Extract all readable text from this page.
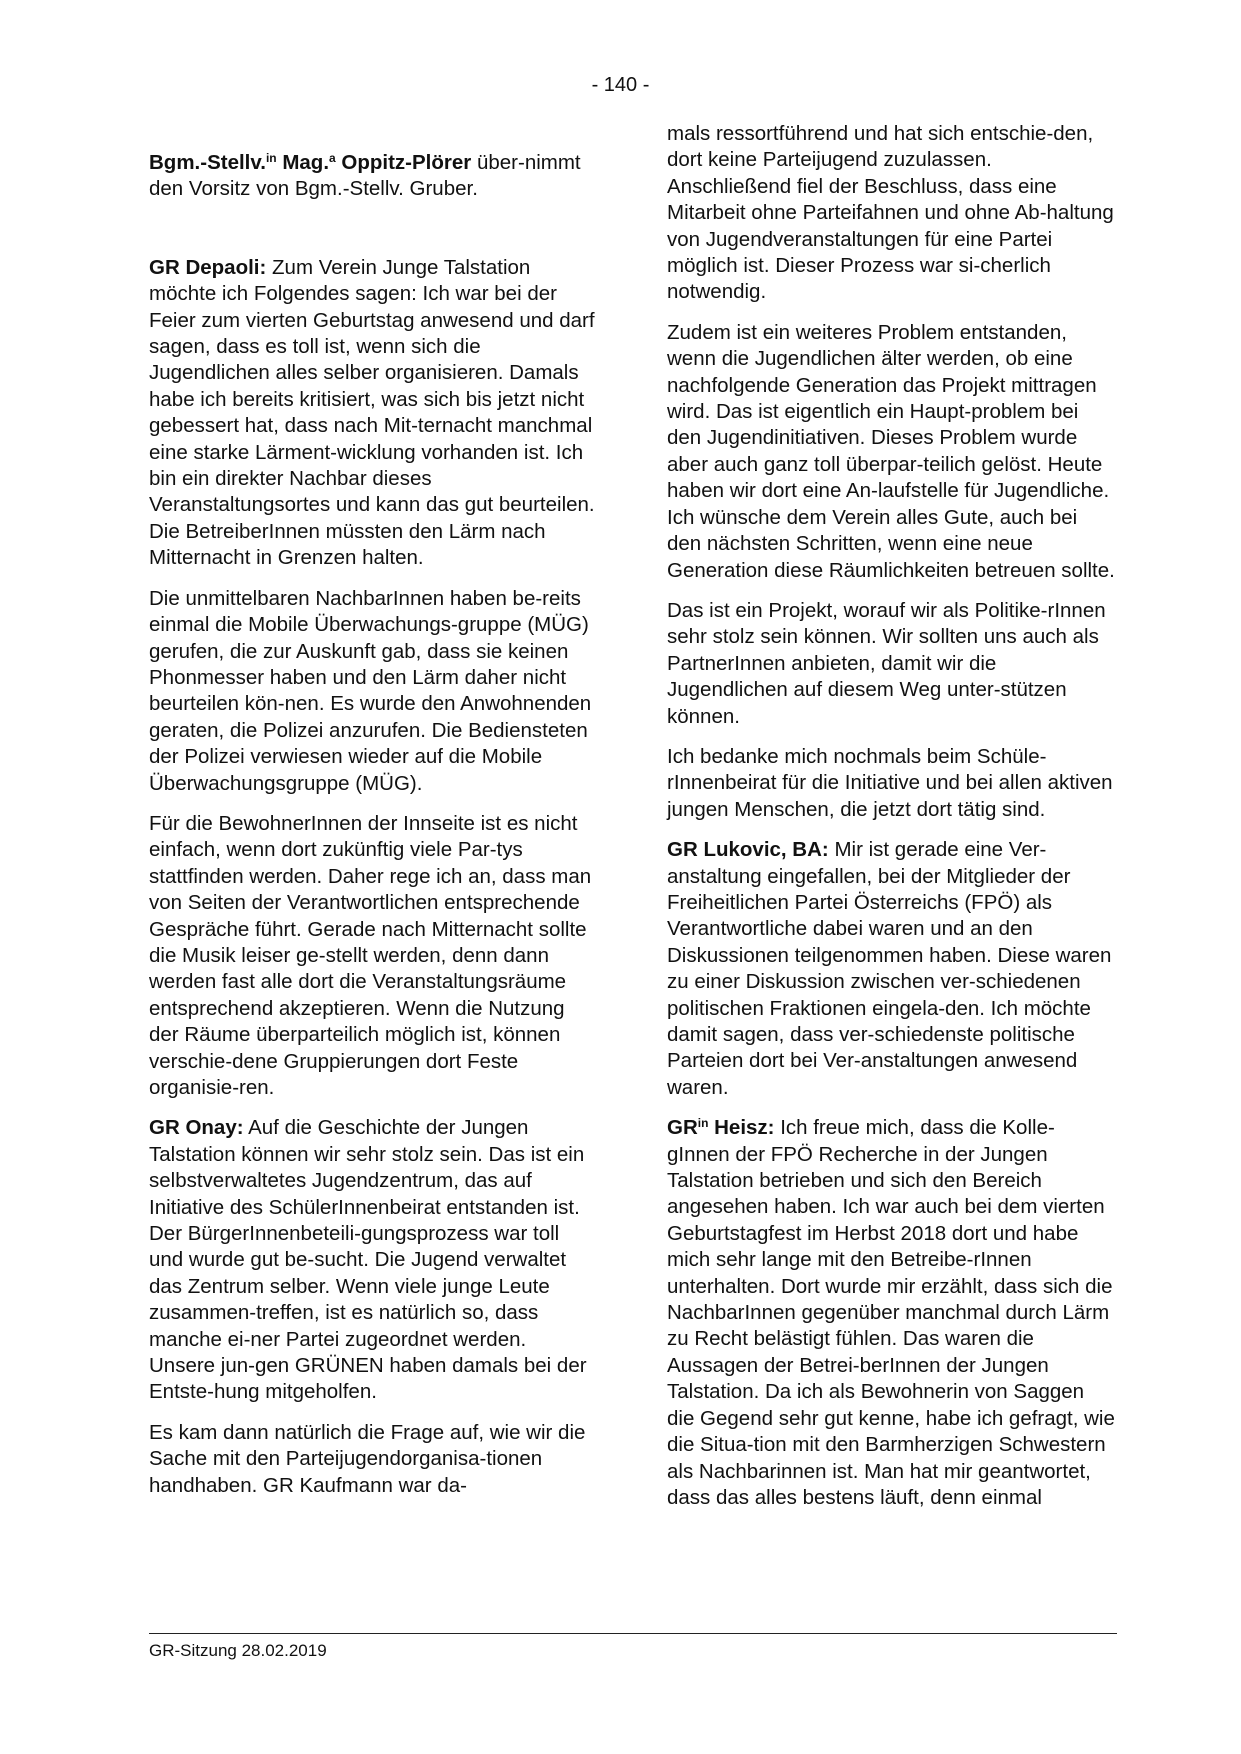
- 140 -

Bgm.-Stellv.$^{in}$ Mag.$^a$ Oppitz-Plörer über-nimmt den Vorsitz von Bgm.-Stellv. Gruber.

GR Depaoli: Zum Verein Junge Talstation möchte ich Folgendes sagen: Ich war bei der Feier zum vierten Geburtstag anwesend und darf sagen, dass es toll ist, wenn sich die Jugendlichen alles selber organisieren. Damals habe ich bereits kritisiert, was sich bis jetzt nicht gebessert hat, dass nach Mit-ternacht manchmal eine starke Lärment-wicklung vorhanden ist. Ich bin ein direkter Nachbar dieses Veranstaltungsortes und kann das gut beurteilen. Die BetreiberInnen müssten den Lärm nach Mitternacht in Grenzen halten.

Die unmittelbaren NachbarInnen haben be-reits einmal die Mobile Überwachungs-gruppe (MÜG) gerufen, die zur Auskunft gab, dass sie keinen Phonmesser haben und den Lärm daher nicht beurteilen kön-nen. Es wurde den Anwohnenden geraten, die Polizei anzurufen. Die Bediensteten der Polizei verwiesen wieder auf die Mobile Überwachungsgruppe (MÜG).

Für die BewohnerInnen der Innseite ist es nicht einfach, wenn dort zukünftig viele Par-tys stattfinden werden. Daher rege ich an, dass man von Seiten der Verantwortlichen entsprechende Gespräche führt. Gerade nach Mitternacht sollte die Musik leiser ge-stellt werden, denn dann werden fast alle dort die Veranstaltungsräume entsprechend akzeptieren. Wenn die Nutzung der Räume überparteilich möglich ist, können verschie-dene Gruppierungen dort Feste organisie-ren.

GR Onay: Auf die Geschichte der Jungen Talstation können wir sehr stolz sein. Das ist ein selbstverwaltetes Jugendzentrum, das auf Initiative des SchülerInnenbeirat entstanden ist. Der BürgerInnenbeteili-gungsprozess war toll und wurde gut be-sucht. Die Jugend verwaltet das Zentrum selber. Wenn viele junge Leute zusammen-treffen, ist es natürlich so, dass manche ei-ner Partei zugeordnet werden. Unsere jun-gen GRÜNEN haben damals bei der Entste-hung mitgeholfen.

Es kam dann natürlich die Frage auf, wie wir die Sache mit den Parteijugendorganisa-tionen handhaben. GR Kaufmann war da-

mals ressortführend und hat sich entschie-den, dort keine Parteijugend zuzulassen. Anschließend fiel der Beschluss, dass eine Mitarbeit ohne Parteifahnen und ohne Ab-haltung von Jugendveranstaltungen für eine Partei möglich ist. Dieser Prozess war si-cherlich notwendig.

Zudem ist ein weiteres Problem entstanden, wenn die Jugendlichen älter werden, ob eine nachfolgende Generation das Projekt mittragen wird. Das ist eigentlich ein Haupt-problem bei den Jugendinitiativen. Dieses Problem wurde aber auch ganz toll überpar-teilich gelöst. Heute haben wir dort eine An-laufstelle für Jugendliche. Ich wünsche dem Verein alles Gute, auch bei den nächsten Schritten, wenn eine neue Generation diese Räumlichkeiten betreuen sollte.

Das ist ein Projekt, worauf wir als Politike-rInnen sehr stolz sein können. Wir sollten uns auch als PartnerInnen anbieten, damit wir die Jugendlichen auf diesem Weg unter-stützen können.

Ich bedanke mich nochmals beim Schüle-rInnenbeirat für die Initiative und bei allen aktiven jungen Menschen, die jetzt dort tätig sind.

GR Lukovic, BA: Mir ist gerade eine Ver-anstaltung eingefallen, bei der Mitglieder der Freiheitlichen Partei Österreichs (FPÖ) als Verantwortliche dabei waren und an den Diskussionen teilgenommen haben. Diese waren zu einer Diskussion zwischen ver-schiedenen politischen Fraktionen eingela-den. Ich möchte damit sagen, dass ver-schiedenste politische Parteien dort bei Ver-anstaltungen anwesend waren.

$GR^{in}$ Heisz: Ich freue mich, dass die Kolle-gInnen der FPÖ Recherche in der Jungen Talstation betrieben und sich den Bereich angesehen haben. Ich war auch bei dem vierten Geburtstagfest im Herbst 2018 dort und habe mich sehr lange mit den Betreibe-rInnen unterhalten. Dort wurde mir erzählt, dass sich die NachbarInnen gegenüber manchmal durch Lärm zu Recht belästigt fühlen. Das waren die Aussagen der Betrei-berInnen der Jungen Talstation. Da ich als Bewohnerin von Saggen die Gegend sehr gut kenne, habe ich gefragt, wie die Situa-tion mit den Barmherzigen Schwestern als Nachbarinnen ist. Man hat mir geantwortet, dass das alles bestens läuft, denn einmal

GR-Sitzung 28.02.2019
